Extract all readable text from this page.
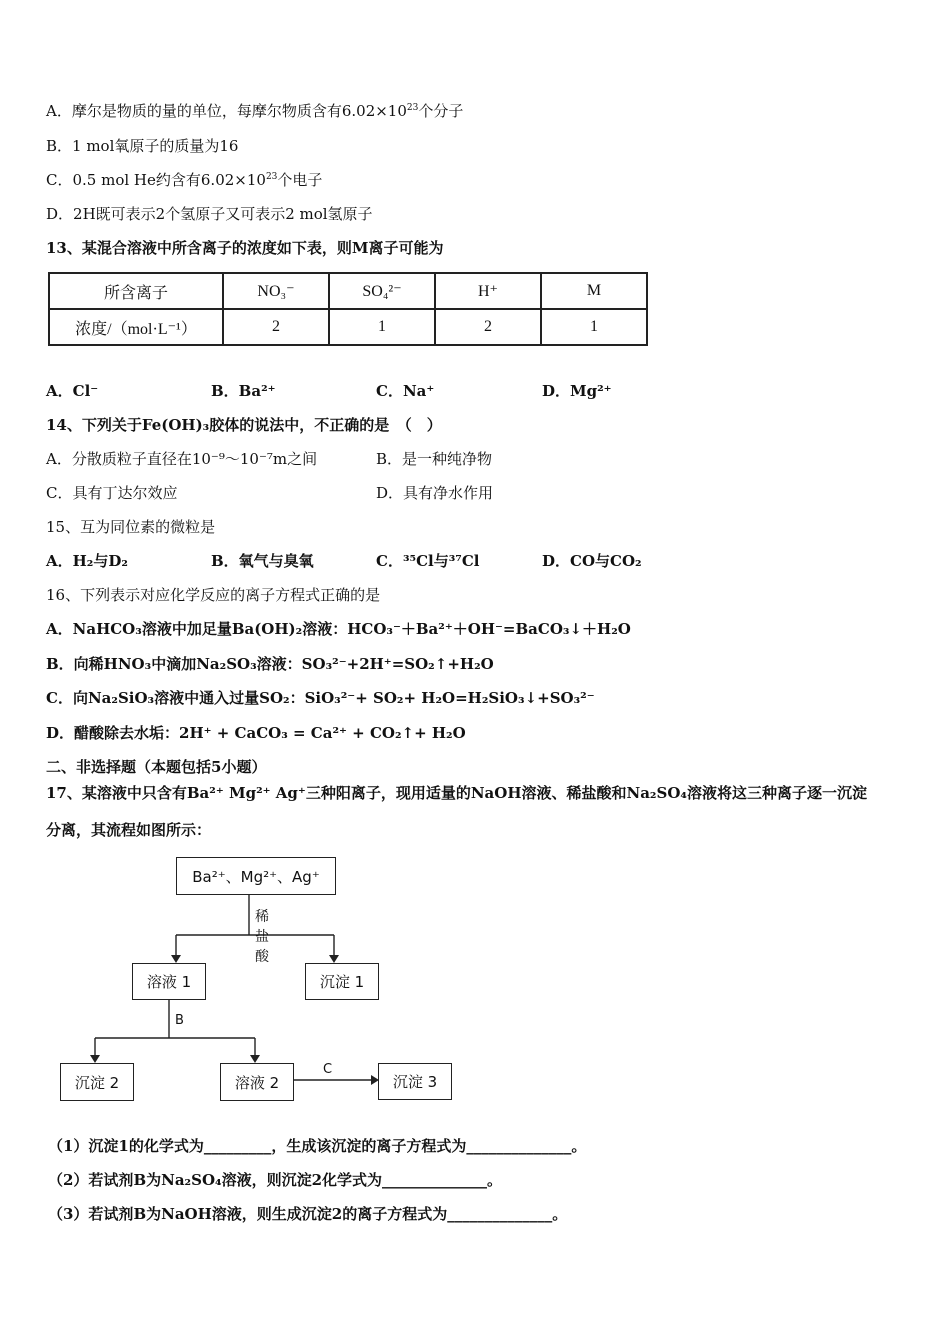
A．摩尔是物质的量的单位，每摩尔物质含有$6.02\times 10^{23}$个分子
B．1 mol氧原子的质量为16
C．0.5 mol He约含有$6.02\times 10^{23}$个电子
D．2H既可表示2个氢原子又可表示2 mol氢原子
13、某混合溶液中所含离子的浓度如下表，则M离子可能为
所含离子	NO₃⁻	SO₄²⁻	H⁺	M
浓度/（mol·L⁻¹）	2	1	2	1
A．Cl⁻	B．Ba²⁺	C．Na⁺	D．Mg²⁺
14、下列关于Fe(OH)₃胶体的说法中，不正确的是　（　）
A．分散质粒子直径在10⁻⁹～10⁻⁷m之间	B．是一种纯净物
C．具有丁达尔效应	D．具有净水作用
15、互为同位素的微粒是
A．H₂与D₂	B．氧气与臭氧	C．³⁵Cl与³⁷Cl	D．CO与CO₂
16、下列表示对应化学反应的离子方程式正确的是
A．NaHCO₃溶液中加足量Ba(OH)₂溶液：HCO₃⁻＋Ba²⁺＋OH⁻=BaCO₃↓＋H₂O
B．向稀HNO₃中滴加Na₂SO₃溶液：SO₃²⁻+2H⁺=SO₂↑+H₂O
C．向Na₂SiO₃溶液中通入过量SO₂：SiO₃²⁻+ SO₂+ H₂O=H₂SiO₃↓+SO₃²⁻
D．醋酸除去水垢：2H⁺ + CaCO₃ = Ca²⁺ + CO₂↑+ H₂O
二、非选择题（本题包括5小题）
17、某溶液中只含有Ba²⁺ Mg²⁺ Ag⁺三种阳离子，现用适量的NaOH溶液、稀盐酸和Na₂SO₄溶液将这三种离子逐一沉淀
分离，其流程如图所示：
Ba²⁺、Mg²⁺、Ag⁺
稀盐酸
溶液 1	沉淀 1
B
沉淀 2	溶液 2
C
沉淀 3
（1）沉淀1的化学式为_________，生成该沉淀的离子方程式为______________。
（2）若试剂B为Na₂SO₄溶液，则沉淀2化学式为______________。
（3）若试剂B为NaOH溶液，则生成沉淀2的离子方程式为______________。
